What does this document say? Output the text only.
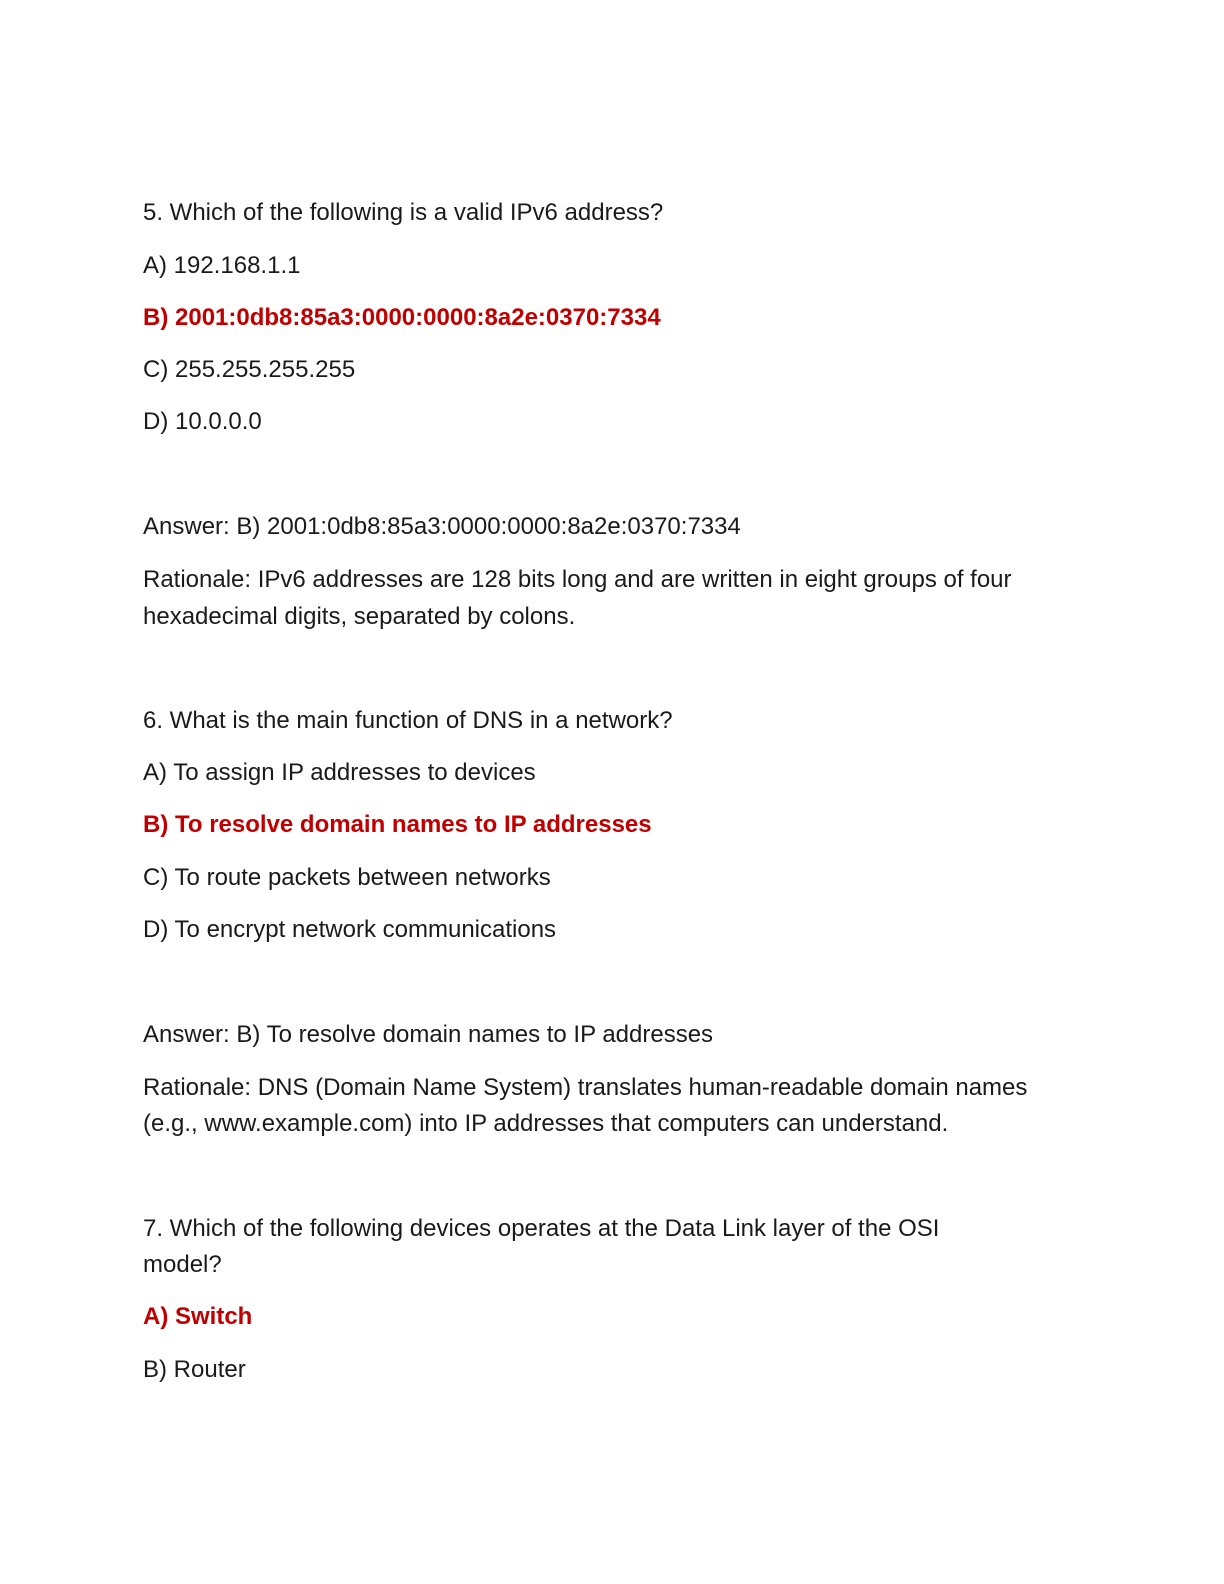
5. Which of the following is a valid IPv6 address?
A) 192.168.1.1
B) 2001:0db8:85a3:0000:0000:8a2e:0370:7334
C) 255.255.255.255
D) 10.0.0.0
Answer: B) 2001:0db8:85a3:0000:0000:8a2e:0370:7334
Rationale: IPv6 addresses are 128 bits long and are written in eight groups of four
hexadecimal digits, separated by colons.
6. What is the main function of DNS in a network?
A) To assign IP addresses to devices
B) To resolve domain names to IP addresses
C) To route packets between networks
D) To encrypt network communications
Answer: B) To resolve domain names to IP addresses
Rationale: DNS (Domain Name System) translates human-readable domain names
(e.g., www.example.com) into IP addresses that computers can understand.
7. Which of the following devices operates at the Data Link layer of the OSI
model?
A) Switch
B) Router
